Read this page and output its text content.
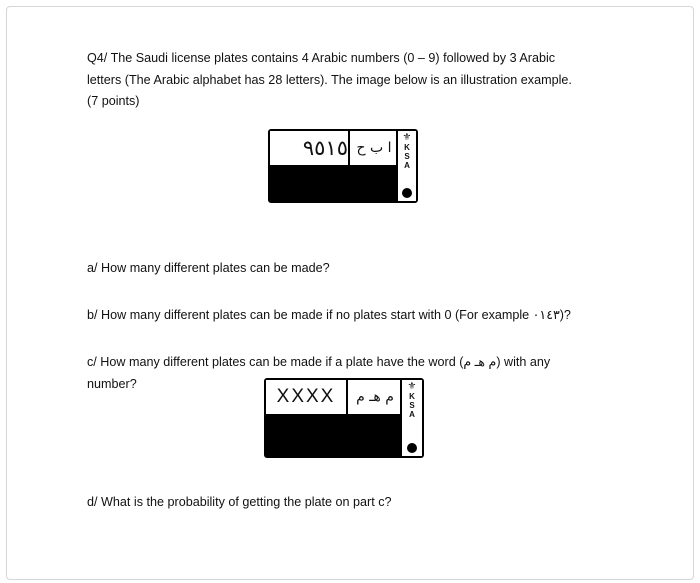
Q4/ The Saudi license plates contains 4 Arabic numbers (0 – 9) followed by 3 Arabic
letters (The Arabic alphabet has 28 letters). The image below is an illustration example.
(7 points)
٩٥١٥ ا ب ح
⚜
K
S
A
a/ How many different plates can be made?
b/ How many different plates can be made if no plates start with 0 (For example ٠١٤٣)?
c/ How many different plates can be made if a plate have the word (م هـ م) with any
number?
XXXX	م هـ م
⚜
K
S
A
d/ What is the probability of getting the plate on part c?
